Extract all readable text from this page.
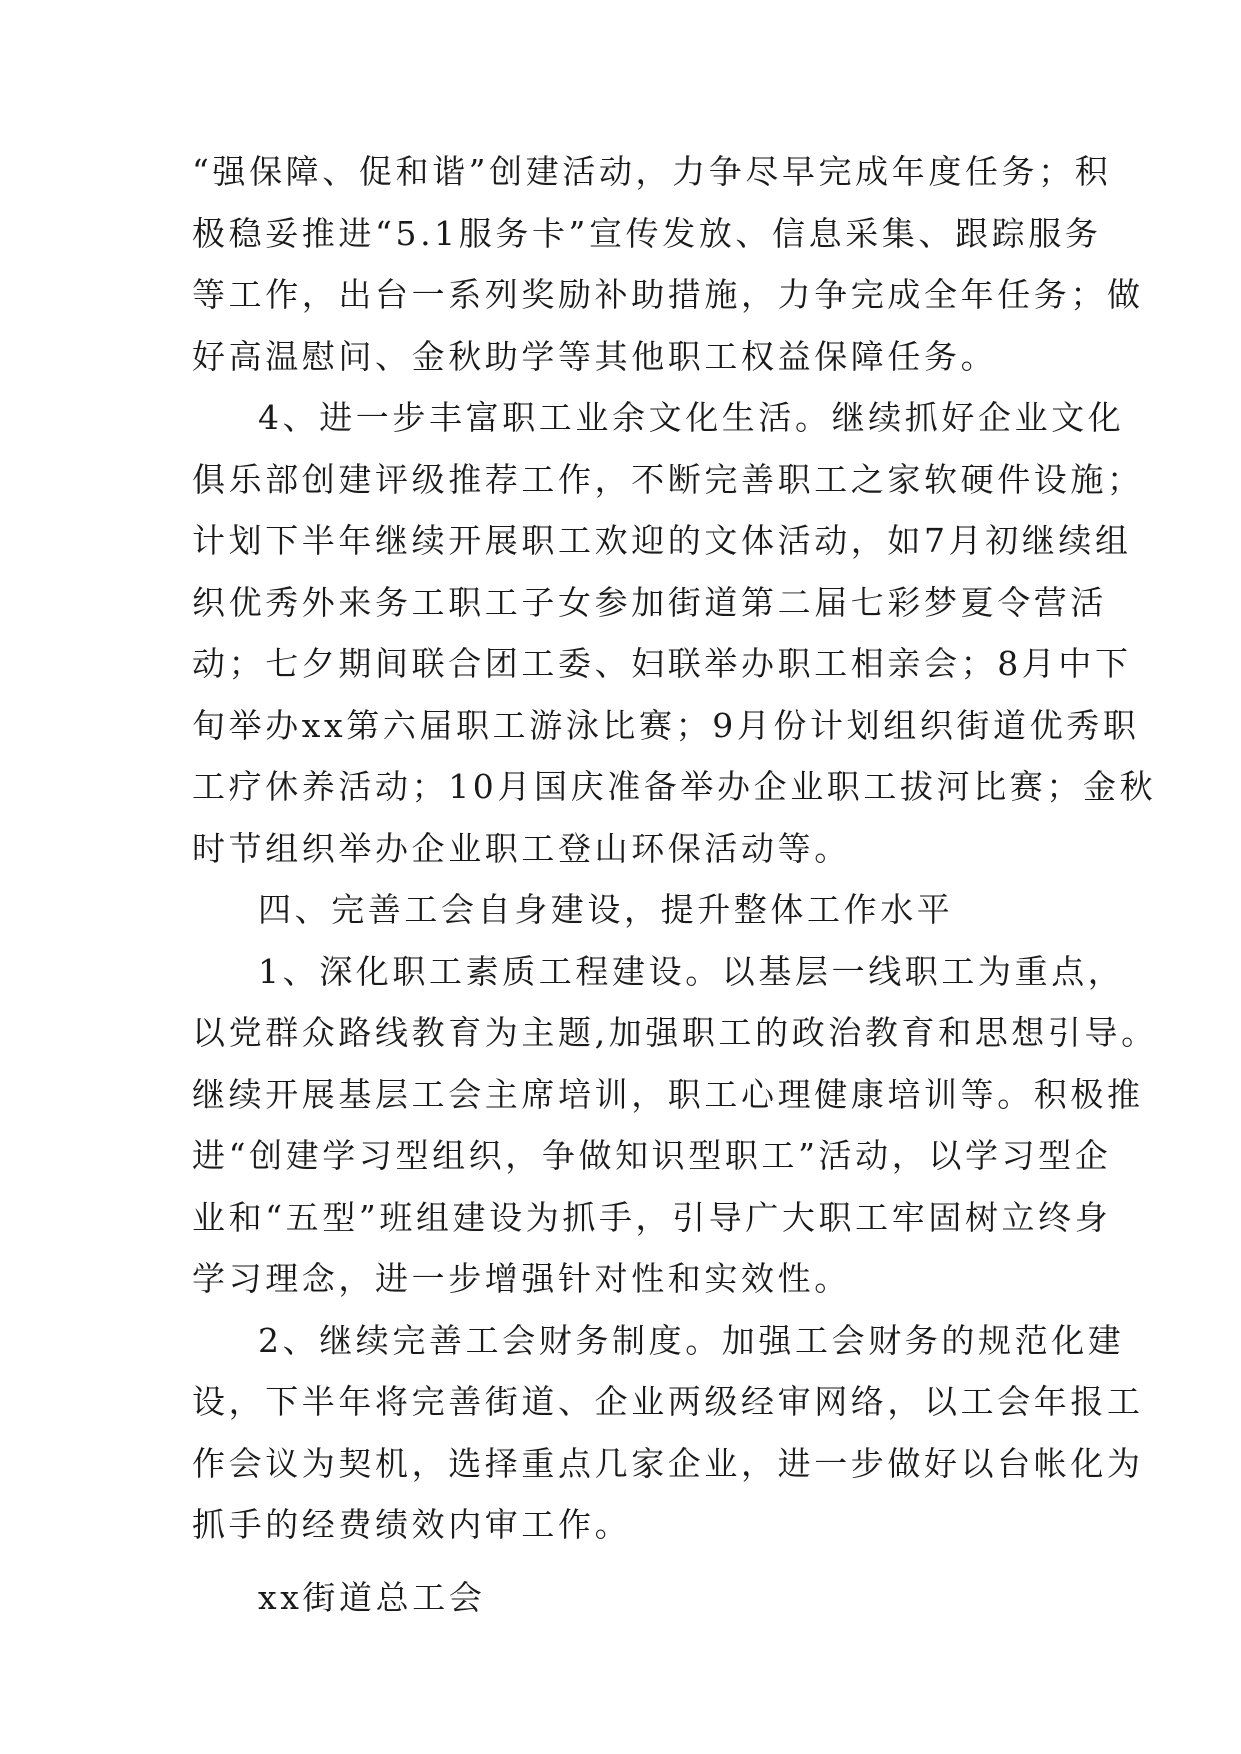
“强保障、促和谐”创建活动，力争尽早完成年度任务；积
极稳妥推进“5.1服务卡”宣传发放、信息采集、跟踪服务
等工作，出台一系列奖励补助措施，力争完成全年任务；做
好高温慰问、金秋助学等其他职工权益保障任务。
4、进一步丰富职工业余文化生活。继续抓好企业文化
俱乐部创建评级推荐工作，不断完善职工之家软硬件设施；
计划下半年继续开展职工欢迎的文体活动，如7月初继续组
织优秀外来务工职工子女参加街道第二届七彩梦夏令营活
动；七夕期间联合团工委、妇联举办职工相亲会；8月中下
旬举办xx第六届职工游泳比赛；9月份计划组织街道优秀职
工疗休养活动；10月国庆准备举办企业职工拔河比赛；金秋
时节组织举办企业职工登山环保活动等。
四、完善工会自身建设，提升整体工作水平
1、深化职工素质工程建设。以基层一线职工为重点，
以党群众路线教育为主题,加强职工的政治教育和思想引导。
继续开展基层工会主席培训，职工心理健康培训等。积极推
进“创建学习型组织，争做知识型职工”活动，以学习型企
业和“五型”班组建设为抓手，引导广大职工牢固树立终身
学习理念，进一步增强针对性和实效性。
2、继续完善工会财务制度。加强工会财务的规范化建
设，下半年将完善街道、企业两级经审网络，以工会年报工
作会议为契机，选择重点几家企业，进一步做好以台帐化为
抓手的经费绩效内审工作。
xx街道总工会
